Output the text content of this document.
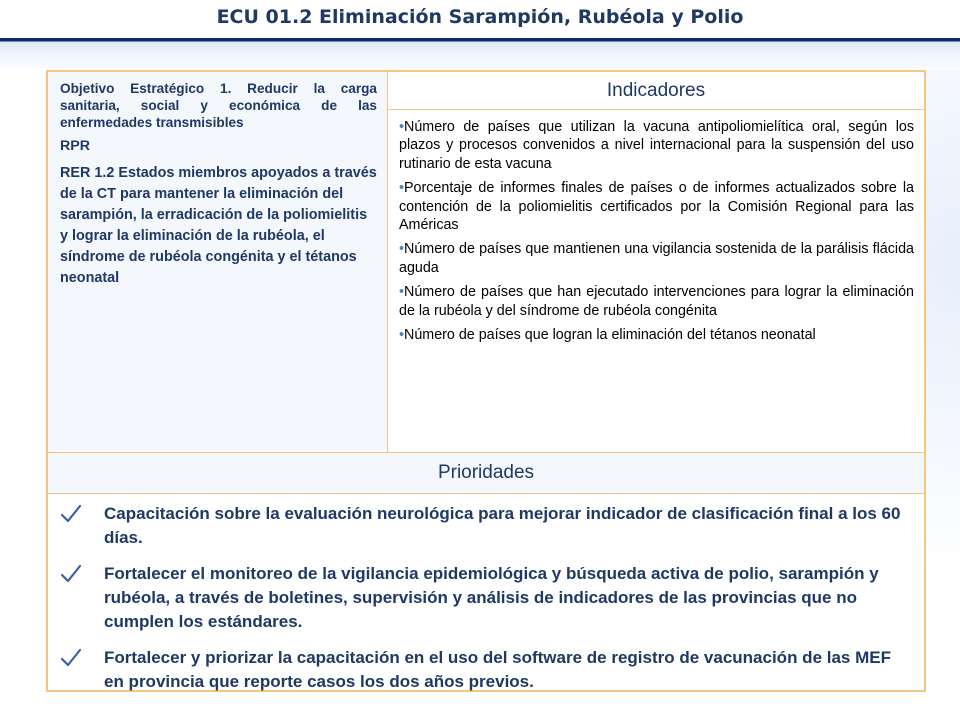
ECU 01.2 Eliminación Sarampión, Rubéola y Polio
Objetivo Estratégico 1. Reducir la carga sanitaria, social y económica de las enfermedades transmisibles
RPR
RER 1.2 Estados miembros apoyados a través de la CT para mantener la eliminación del sarampión, la erradicación de la poliomielitis y lograr la eliminación de la rubéola, el síndrome de rubéola congénita y el tétanos neonatal
Indicadores
•Número de países que utilizan la vacuna antipoliomielítica oral, según los plazos y procesos convenidos a nivel internacional para la suspensión del uso rutinario de esta vacuna
•Porcentaje de informes finales de países o de informes actualizados sobre la contención de la poliomielitis certificados por la Comisión Regional para las Américas
•Número de países que mantienen una vigilancia sostenida de la parálisis flácida aguda
•Número de países que han ejecutado intervenciones para lograr la eliminación de la rubéola y del síndrome de rubéola congénita
•Número de países que logran la eliminación del tétanos neonatal
Prioridades
Capacitación sobre la evaluación neurológica para mejorar indicador de clasificación final a los 60 días.
Fortalecer el monitoreo de la vigilancia epidemiológica y búsqueda activa de polio, sarampión y rubéola, a través de boletines, supervisión y análisis de indicadores de las provincias que no cumplen los estándares.
Fortalecer y priorizar la capacitación en el uso del software de registro de vacunación de las MEF en provincia que reporte casos los dos años previos.
